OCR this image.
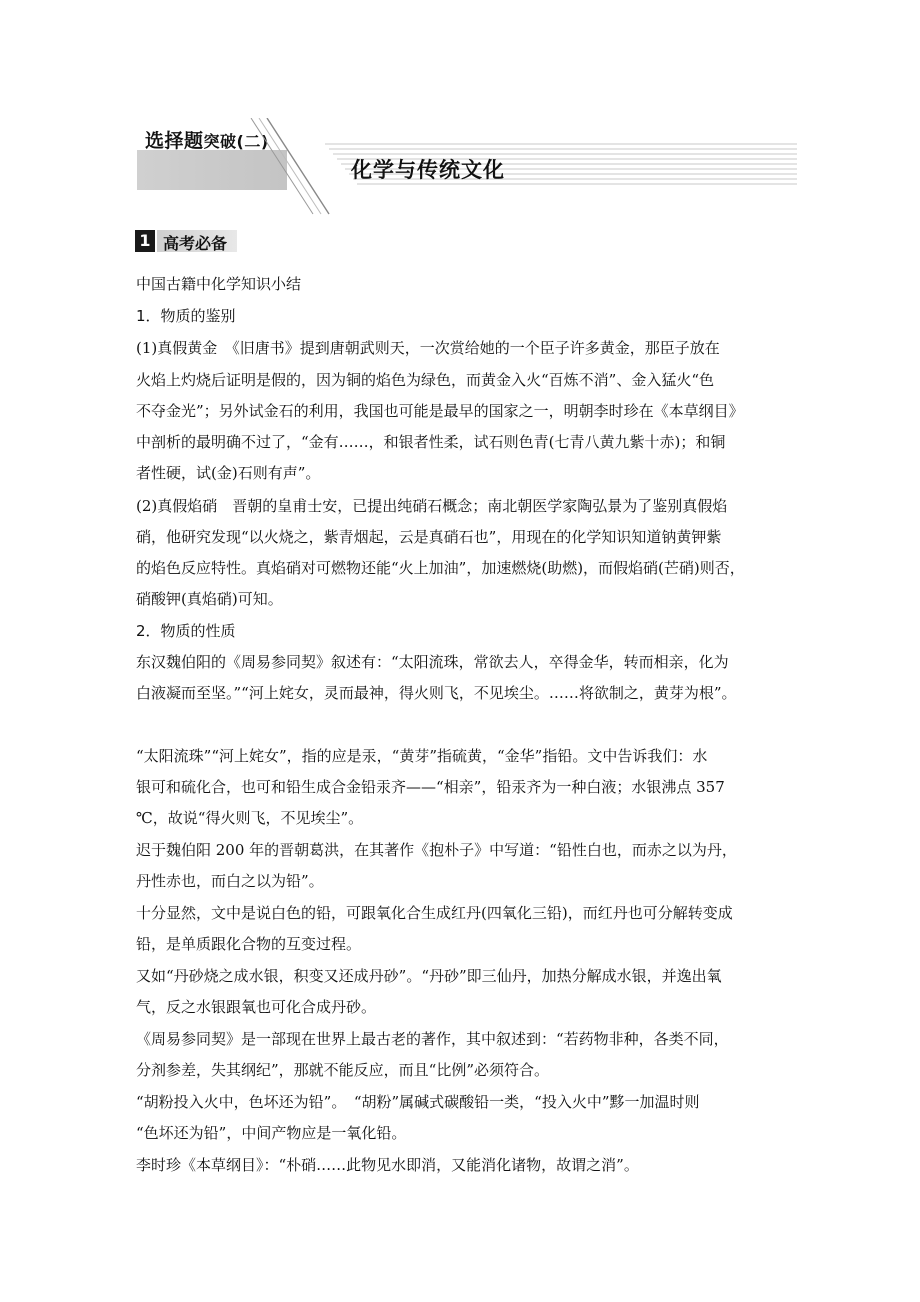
选择题突破(二)
化学与传统文化
1 高考必备
中国古籍中化学知识小结
1．物质的鉴别
(1)真假黄金　《旧唐书》提到唐朝武则天，一次赏给她的一个臣子许多黄金，那臣子放在
火焰上灼烧后证明是假的，因为铜的焰色为绿色，而黄金入火“百炼不消”、金入猛火“色
不夺金光”；另外试金石的利用，我国也可能是最早的国家之一，明朝李时珍在《本草纲目》
中剖析的最明确不过了，“金有……，和银者性柔，试石则色青(七青八黄九紫十赤)；和铜
者性硬，试(金)石则有声”。
(2)真假焰硝　晋朝的皇甫士安，已提出纯硝石概念；南北朝医学家陶弘景为了鉴别真假焰
硝，他研究发现“以火烧之，紫青烟起，云是真硝石也”，用现在的化学知识知道钠黄钾紫
的焰色反应特性。真焰硝对可燃物还能“火上加油”，加速燃烧(助燃)，而假焰硝(芒硝)则否，
硝酸钾(真焰硝)可知。
2．物质的性质
东汉魏伯阳的《周易参同契》叙述有：“太阳流珠，常欲去人，卒得金华，转而相亲，化为
白液凝而至坚。”“河上姹女，灵而最神，得火则飞，不见埃尘。……将欲制之，黄芽为根”。
“太阳流珠”“河上姹女”，指的应是汞，“黄芽”指硫黄，“金华”指铅。文中告诉我们：水
银可和硫化合，也可和铅生成合金铅汞齐——“相亲”，铅汞齐为一种白液；水银沸点 357
℃，故说“得火则飞，不见埃尘”。
迟于魏伯阳 200 年的晋朝葛洪，在其著作《抱朴子》中写道：“铅性白也，而赤之以为丹，
丹性赤也，而白之以为铅”。
十分显然，文中是说白色的铅，可跟氧化合生成红丹(四氧化三铅)，而红丹也可分解转变成
铅，是单质跟化合物的互变过程。
又如“丹砂烧之成水银，积变又还成丹砂”。“丹砂”即三仙丹，加热分解成水银，并逸出氧
气，反之水银跟氧也可化合成丹砂。
《周易参同契》是一部现在世界上最古老的著作，其中叙述到：“若药物非种，各类不同，
分剂参差，失其纲纪”，那就不能反应，而且“比例”必须符合。
“胡粉投入火中，色坏还为铅”。　“胡粉”属碱式碳酸铅一类，“投入火中”黟一加温时则
“色坏还为铅”，中间产物应是一氧化铅。
李时珍《本草纲目》：“朴硝……此物见水即消，又能消化诸物，故谓之消”。
